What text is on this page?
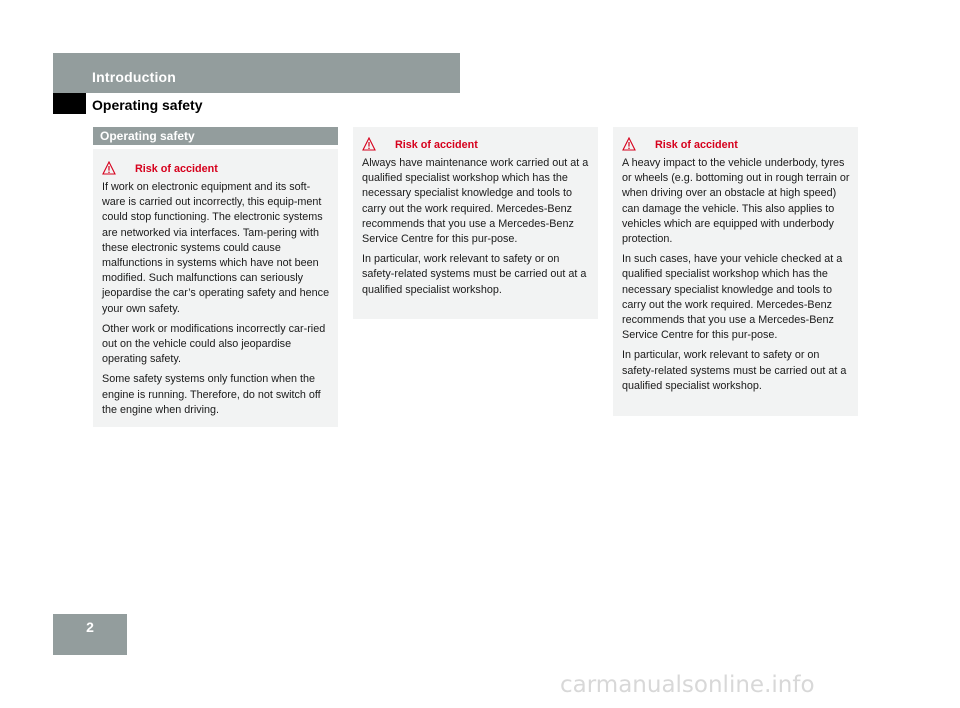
Introduction
Operating safety
Operating safety
Risk of accident

If work on electronic equipment and its soft-ware is carried out incorrectly, this equip-ment could stop functioning. The electronic systems are networked via interfaces. Tam-pering with these electronic systems could cause malfunctions in systems which have not been modified. Such malfunctions can seriously jeopardise the car’s operating safety and hence your own safety.

Other work or modifications incorrectly car-ried out on the vehicle could also jeopardise operating safety.

Some safety systems only function when the engine is running. Therefore, do not switch off the engine when driving.

Risk of accident

Always have maintenance work carried out at a qualified specialist workshop which has the necessary specialist knowledge and tools to carry out the work required. Mercedes-Benz recommends that you use a Mercedes-Benz Service Centre for this pur-pose.

In particular, work relevant to safety or on safety-related systems must be carried out at a qualified specialist workshop.

Risk of accident

A heavy impact to the vehicle underbody, tyres or wheels (e.g. bottoming out in rough terrain or when driving over an obstacle at high speed) can damage the vehicle. This also applies to vehicles which are equipped with underbody protection.

In such cases, have your vehicle checked at a qualified specialist workshop which has the necessary specialist knowledge and tools to carry out the work required. Mercedes-Benz recommends that you use a Mercedes-Benz Service Centre for this pur-pose.

In particular, work relevant to safety or on safety-related systems must be carried out at a qualified specialist workshop.

2
carmanualsonline.info
